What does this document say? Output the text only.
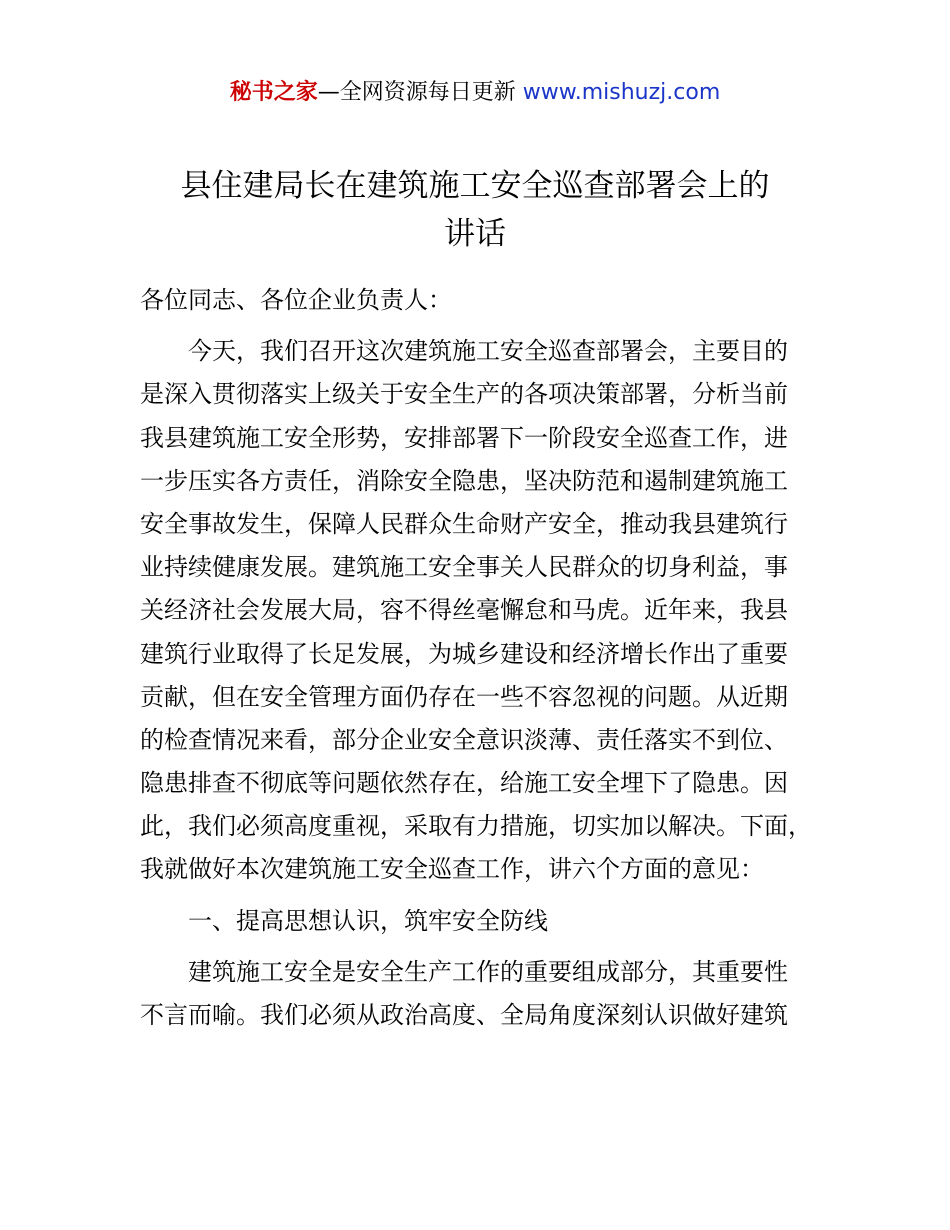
秘书之家—全网资源每日更新 www.mishuzj.com
县住建局长在建筑施工安全巡查部署会上的
讲话
各位同志、各位企业负责人：
今天，我们召开这次建筑施工安全巡查部署会，主要目的
是深入贯彻落实上级关于安全生产的各项决策部署，分析当前
我县建筑施工安全形势，安排部署下一阶段安全巡查工作，进
一步压实各方责任，消除安全隐患，坚决防范和遏制建筑施工
安全事故发生，保障人民群众生命财产安全，推动我县建筑行
业持续健康发展。建筑施工安全事关人民群众的切身利益，事
关经济社会发展大局，容不得丝毫懈怠和马虎。近年来，我县
建筑行业取得了长足发展，为城乡建设和经济增长作出了重要
贡献，但在安全管理方面仍存在一些不容忽视的问题。从近期
的检查情况来看，部分企业安全意识淡薄、责任落实不到位、
隐患排查不彻底等问题依然存在，给施工安全埋下了隐患。因
此，我们必须高度重视，采取有力措施，切实加以解决。下面，
我就做好本次建筑施工安全巡查工作，讲六个方面的意见：
一、提高思想认识，筑牢安全防线
建筑施工安全是安全生产工作的重要组成部分，其重要性
不言而喻。我们必须从政治高度、全局角度深刻认识做好建筑
